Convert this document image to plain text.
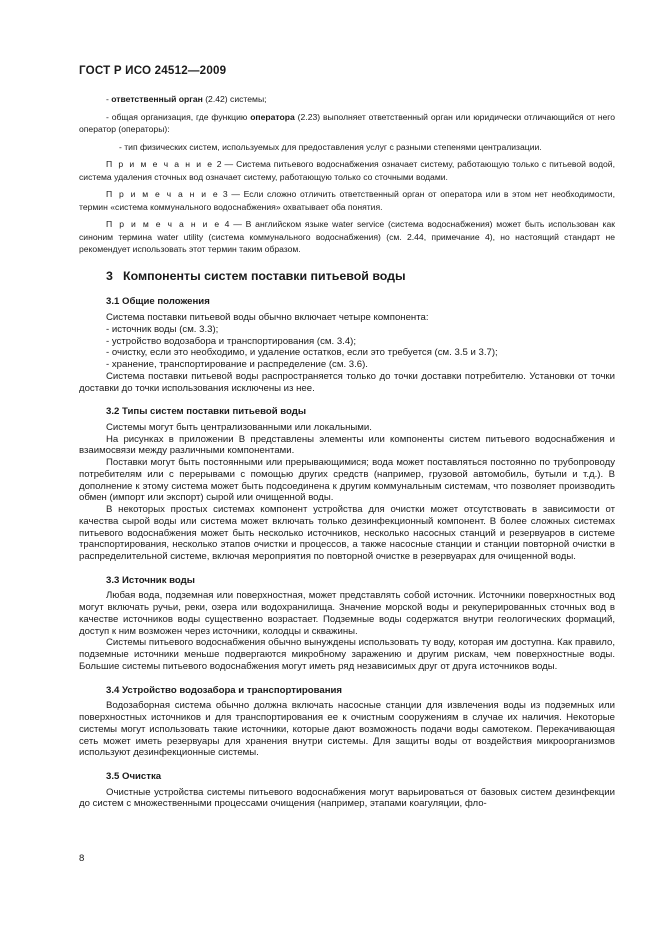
ГОСТ Р ИСО 24512—2009

- ответственный орган (2.42) системы;

- общая организация, где функцию оператора (2.23) выполняет ответственный орган или юридически отличающийся от него оператор (операторы):

- тип физических систем, используемых для предоставления услуг с разными степенями централизации.

П р и м е ч а н и е 2 — Система питьевого водоснабжения означает систему, работающую только с питьевой водой, система удаления сточных вод означает систему, работающую только со сточными водами.

П р и м е ч а н и е 3 — Если сложно отличить ответственный орган от оператора или в этом нет необходимости, термин «система коммунального водоснабжения» охватывает оба понятия.

П р и м е ч а н и е 4 — В английском языке water service (система водоснабжения) может быть использован как синоним термина water utility (система коммунального водоснабжения) (см. 2.44, примечание 4), но настоящий стандарт не рекомендует использовать этот термин таким образом.

3 Компоненты систем поставки питьевой воды
3.1 Общие положения

Система поставки питьевой воды обычно включает четыре компонента:

- источник воды (см. 3.3);

- устройство водозабора и транспортирования (см. 3.4);

- очистку, если это необходимо, и удаление остатков, если это требуется (см. 3.5 и 3.7);

- хранение, транспортирование и распределение (см. 3.6).

Система поставки питьевой воды распространяется только до точки доставки потребителю. Установки от точки доставки до точки использования исключены из нее.

3.2 Типы систем поставки питьевой воды

Системы могут быть централизованными или локальными.

На рисунках в приложении В представлены элементы или компоненты систем питьевого водоснабжения и взаимосвязи между различными компонентами.

Поставки могут быть постоянными или прерывающимися; вода может поставляться постоянно по трубопроводу потребителям или с перерывами с помощью других средств (например, грузовой автомобиль, бутыли и т.д.). В дополнение к этому система может быть подсоединена к другим коммунальным системам, что позволяет производить обмен (импорт или экспорт) сырой или очищенной воды.

В некоторых простых системах компонент устройства для очистки может отсутствовать в зависимости от качества сырой воды или система может включать только дезинфекционный компонент. В более сложных системах питьевого водоснабжения может быть несколько источников, несколько насосных станций и резервуаров в системе транспортирования, несколько этапов очистки и процессов, а также насосные станции и станции повторной очистки в распределительной системе, включая мероприятия по повторной очистке в резервуарах для очищенной воды.

3.3 Источник воды

Любая вода, подземная или поверхностная, может представлять собой источник. Источники поверхностных вод могут включать ручьи, реки, озера или водохранилища. Значение морской воды и рекуперированных сточных вод в качестве источников воды существенно возрастает. Подземные воды содержатся внутри геологических формаций, доступ к ним возможен через источники, колодцы и скважины.

Системы питьевого водоснабжения обычно вынуждены использовать ту воду, которая им доступна. Как правило, подземные источники меньше подвергаются микробному заражению и другим рискам, чем поверхностные воды. Большие системы питьевого водоснабжения могут иметь ряд независимых друг от друга источников воды.

3.4 Устройство водозабора и транспортирования

Водозаборная система обычно должна включать насосные станции для извлечения воды из подземных или поверхностных источников и для транспортирования ее к очистным сооружениям в случае их наличия. Некоторые системы могут использовать такие источники, которые дают возможность подачи воды самотеком. Перекачивающая сеть может иметь резервуары для хранения внутри системы. Для защиты воды от воздействия микроорганизмов используют дезинфекционные системы.

3.5 Очистка

Очистные устройства системы питьевого водоснабжения могут варьироваться от базовых систем дезинфекции до систем с множественными процессами очищения (например, этапами коагуляции, фло-

8
